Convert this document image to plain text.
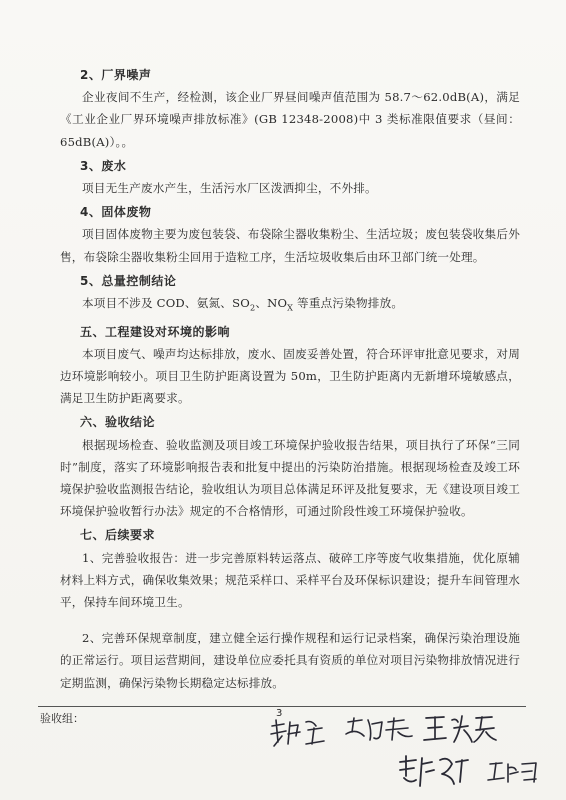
2、厂界噪声

企业夜间不生产，经检测，该企业厂界昼间噪声值范围为 58.7～62.0dB(A)，满足《工业企业厂界环境噪声排放标准》(GB 12348-2008)中 3 类标准限值要求（昼间：65dB(A)）。。

3、废水

项目无生产废水产生，生活污水厂区泼洒抑尘，不外排。

4、固体废物

项目固体废物主要为废包装袋、布袋除尘器收集粉尘、生活垃圾；废包装袋收集后外售，布袋除尘器收集粉尘回用于造粒工序，生活垃圾收集后由环卫部门统一处理。

5、总量控制结论

本项目不涉及 COD、氨氮、$SO_2$、$NO_X$ 等重点污染物排放。

五、工程建设对环境的影响

本项目废气、噪声均达标排放，废水、固废妥善处置，符合环评审批意见要求，对周边环境影响较小。项目卫生防护距离设置为 50m，卫生防护距离内无新增环境敏感点，满足卫生防护距离要求。

六、验收结论

根据现场检查、验收监测及项目竣工环境保护验收报告结果，项目执行了环保“三同时”制度，落实了环境影响报告表和批复中提出的污染防治措施。根据现场检查及竣工环境保护验收监测报告结论，验收组认为项目总体满足环评及批复要求，无《建设项目竣工环境保护验收暂行办法》规定的不合格情形，可通过阶段性竣工环境保护验收。

七、后续要求

1、完善验收报告：进一步完善原料转运落点、破碎工序等废气收集措施，优化原辅材料上料方式，确保收集效果；规范采样口、采样平台及环保标识建设；提升车间管理水平，保持车间环境卫生。

2、完善环保规章制度，建立健全运行操作规程和运行记录档案，确保污染治理设施的正常运行。项目运营期间，建设单位应委托具有资质的单位对项目污染物排放情况进行定期监测，确保污染物长期稳定达标排放。

验收组：	3
